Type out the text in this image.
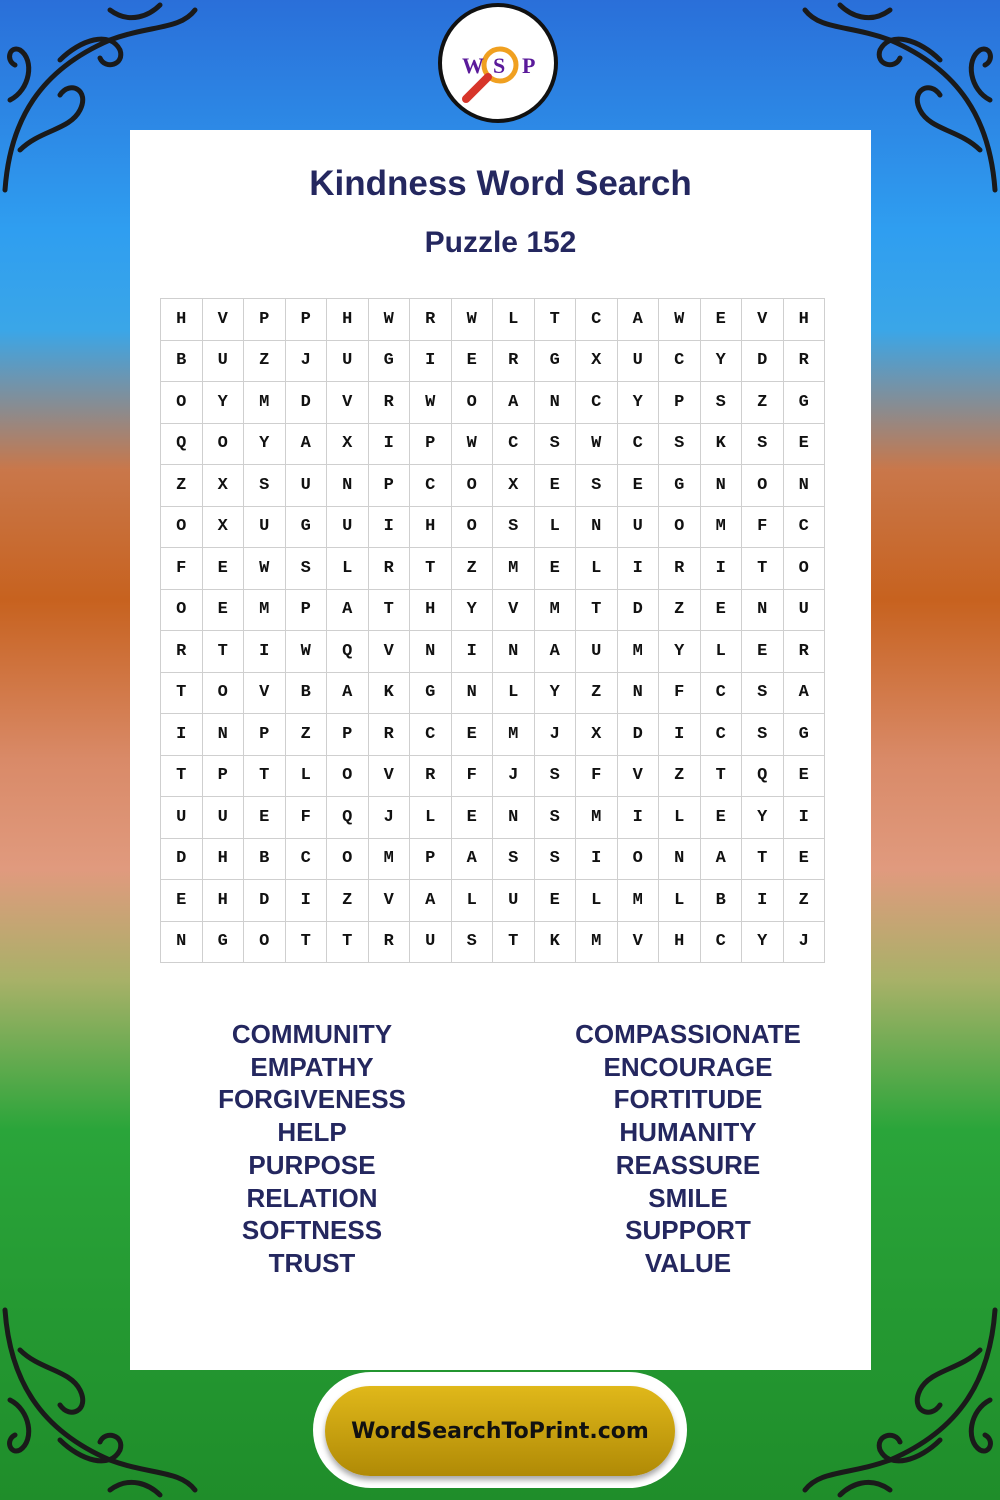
W S P
Kindness Word Search
Puzzle 152
H	V	P	P	H	W	R	W	L	T	C	A	W	E	V	H
B	U	Z	J	U	G	I	E	R	G	X	U	C	Y	D	R
O	Y	M	D	V	R	W	O	A	N	C	Y	P	S	Z	G
Q	O	Y	A	X	I	P	W	C	S	W	C	S	K	S	E
Z	X	S	U	N	P	C	O	X	E	S	E	G	N	O	N
O	X	U	G	U	I	H	O	S	L	N	U	O	M	F	C
F	E	W	S	L	R	T	Z	M	E	L	I	R	I	T	O
O	E	M	P	A	T	H	Y	V	M	T	D	Z	E	N	U
R	T	I	W	Q	V	N	I	N	A	U	M	Y	L	E	R
T	O	V	B	A	K	G	N	L	Y	Z	N	F	C	S	A
I	N	P	Z	P	R	C	E	M	J	X	D	I	C	S	G
T	P	T	L	O	V	R	F	J	S	F	V	Z	T	Q	E
U	U	E	F	Q	J	L	E	N	S	M	I	L	E	Y	I
D	H	B	C	O	M	P	A	S	S	I	O	N	A	T	E
E	H	D	I	Z	V	A	L	U	E	L	M	L	B	I	Z
N	G	O	T	T	R	U	S	T	K	M	V	H	C	Y	J
COMMUNITY
EMPATHY
FORGIVENESS
HELP
PURPOSE
RELATION
SOFTNESS
TRUST
COMPASSIONATE
ENCOURAGE
FORTITUDE
HUMANITY
REASSURE
SMILE
SUPPORT
VALUE
WordSearchToPrint.com
